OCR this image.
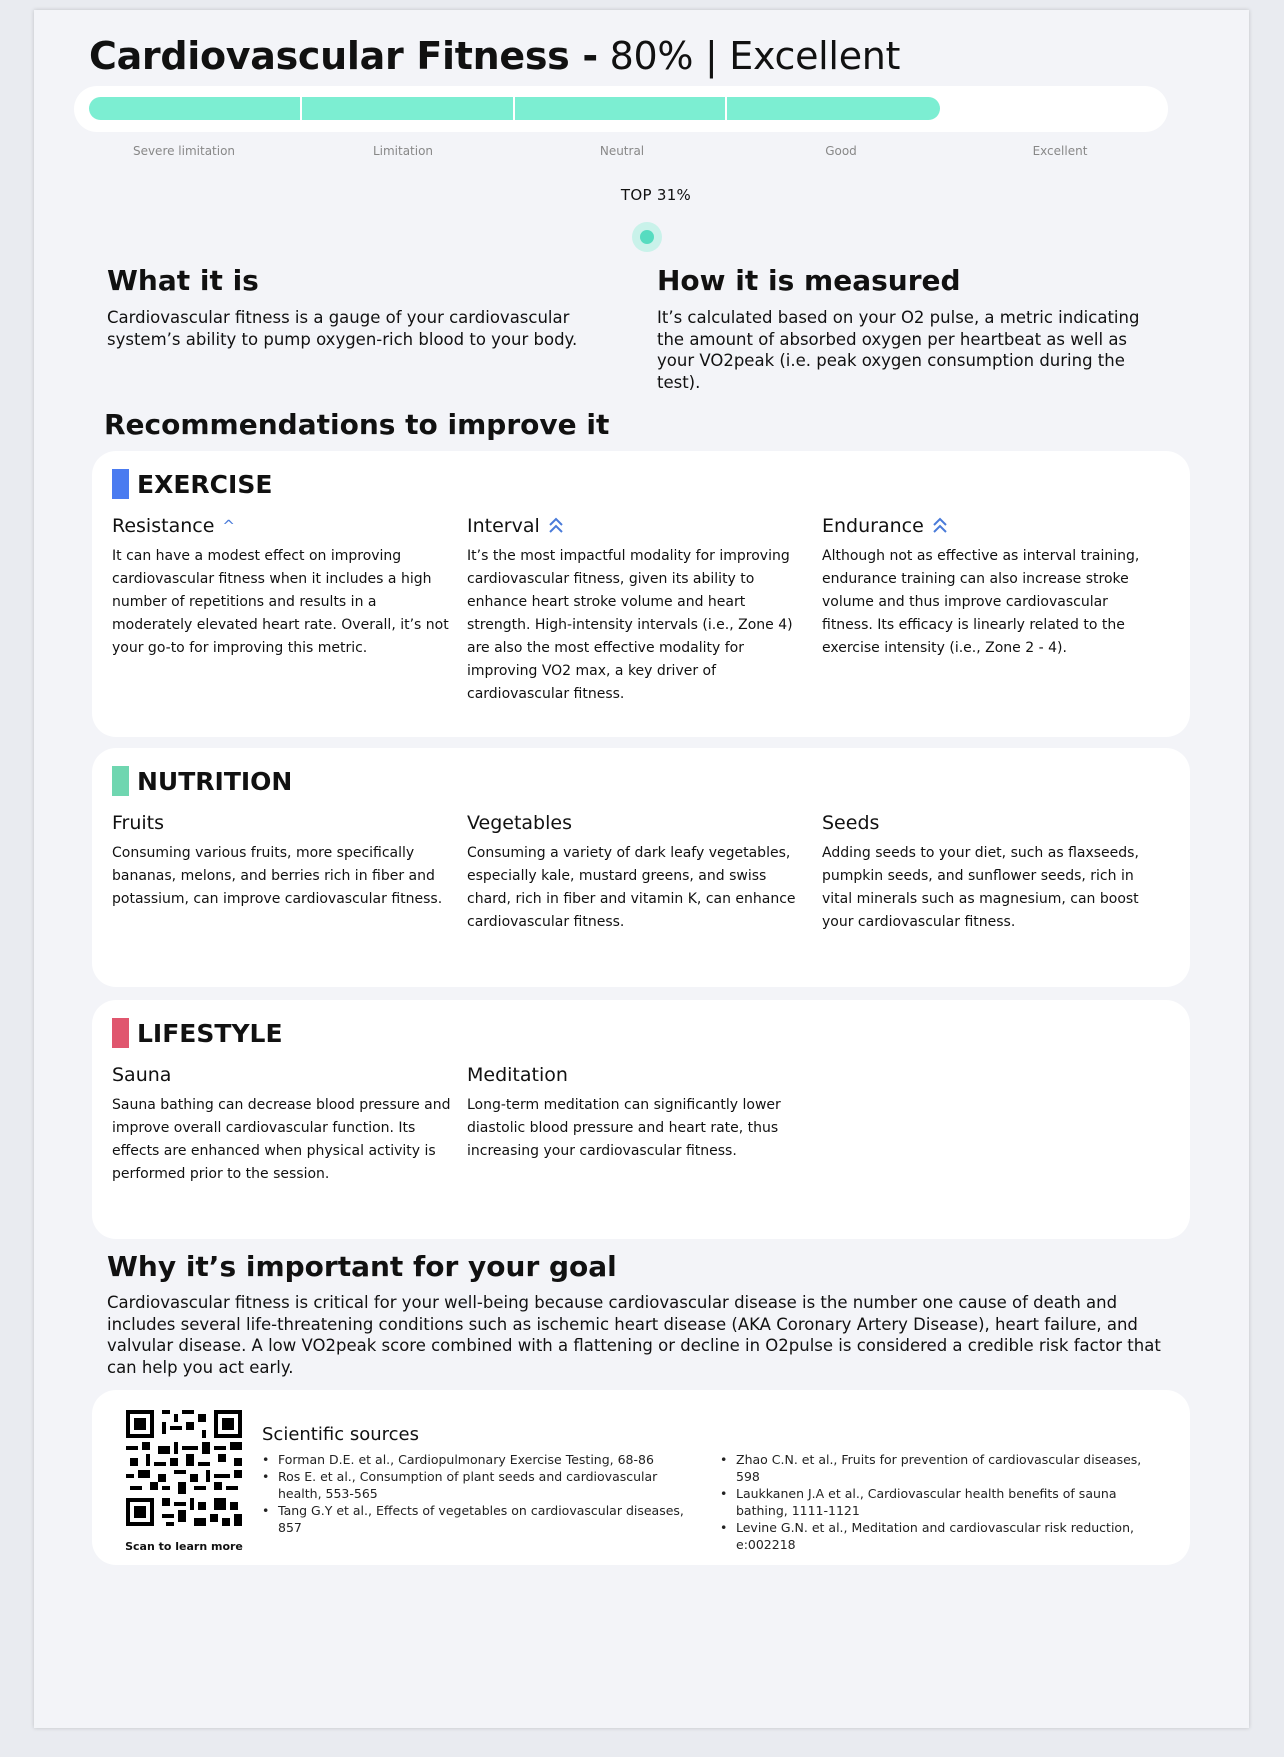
Cardiovascular Fitness - 80% | Excellent
Severe limitation	Limitation	Neutral	Good	Excellent
TOP 31%
What it is
Cardiovascular fitness is a gauge of your cardiovascular system’s ability to pump oxygen-rich blood to your body.
How it is measured
It’s calculated based on your O2 pulse, a metric indicating the amount of absorbed oxygen per heartbeat as well as your VO2peak (i.e. peak oxygen consumption during the test).
Recommendations to improve it
EXERCISE
Resistance ^
It can have a modest effect on improving cardiovascular fitness when it includes a high number of repetitions and results in a moderately elevated heart rate. Overall, it’s not your go-to for improving this metric.
Interval
It’s the most impactful modality for improving cardiovascular fitness, given its ability to enhance heart stroke volume and heart strength. High-intensity intervals (i.e., Zone 4) are also the most effective modality for improving VO2 max, a key driver of cardiovascular fitness.
Endurance
Although not as effective as interval training, endurance training can also increase stroke volume and thus improve cardiovascular fitness. Its efficacy is linearly related to the exercise intensity (i.e., Zone 2 - 4).
NUTRITION
Fruits
Consuming various fruits, more specifically bananas, melons, and berries rich in fiber and potassium, can improve cardiovascular fitness.
Vegetables
Consuming a variety of dark leafy vegetables, especially kale, mustard greens, and swiss chard, rich in fiber and vitamin K, can enhance cardiovascular fitness.
Seeds
Adding seeds to your diet, such as flaxseeds, pumpkin seeds, and sunflower seeds, rich in vital minerals such as magnesium, can boost your cardiovascular fitness.
LIFESTYLE
Sauna
Sauna bathing can decrease blood pressure and improve overall cardiovascular function. Its effects are enhanced when physical activity is performed prior to the session.
Meditation
Long-term meditation can significantly lower diastolic blood pressure and heart rate, thus increasing your cardiovascular fitness.
Why it’s important for your goal
Cardiovascular fitness is critical for your well-being because cardiovascular disease is the number one cause of death and includes several life-threatening conditions such as ischemic heart disease (AKA Coronary Artery Disease), heart failure, and valvular disease. A low VO2peak score combined with a flattening or decline in O2pulse is considered a credible risk factor that can help you act early.
Scan to learn more
Scientific sources
• Forman D.E. et al., Cardiopulmonary Exercise Testing, 68-86
• Ros E. et al., Consumption of plant seeds and cardiovascular health, 553-565
• Tang G.Y et al., Effects of vegetables on cardiovascular diseases, 857
• Zhao C.N. et al., Fruits for prevention of cardiovascular diseases, 598
• Laukkanen J.A et al., Cardiovascular health benefits of sauna bathing, 1111-1121
• Levine G.N. et al., Meditation and cardiovascular risk reduction, e:002218
